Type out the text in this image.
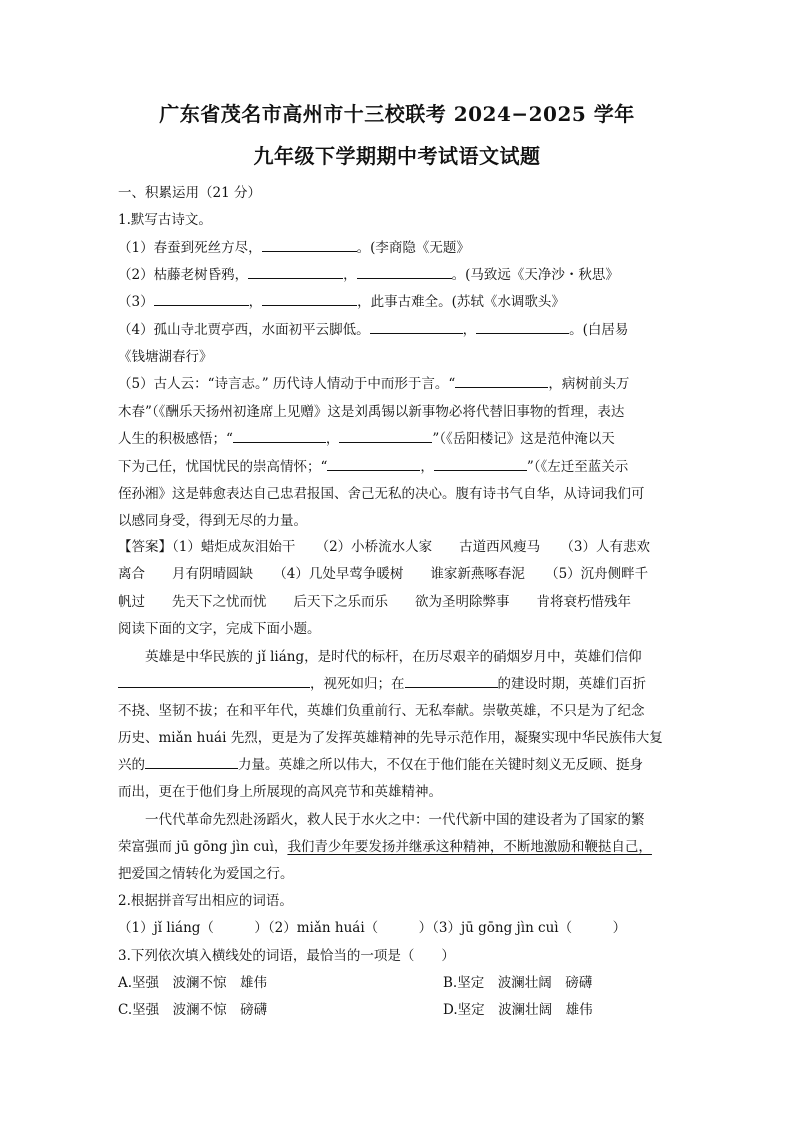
广东省茂名市高州市十三校联考 2024−2025 学年
九年级下学期期中考试语文试题
一、积累运用（21 分）
1.默写古诗文。
（1）春蚕到死丝方尽，	。(李商隐《无题》
（2）枯藤老树昏鸦，	，	。(马致远《天净沙・秋思》
（3）	，	，此事古难全。(苏轼《水调歌头》
（4）孤山寺北贾亭西，水面初平云脚低。	，	。(白居易
《钱塘湖春行》
（5）古人云：“诗言志。” 历代诗人情动于中而形于言。“	，病树前头万
木春”（《酬乐天扬州初逢席上见赠》这是刘禹锡以新事物必将代替旧事物的哲理，表达
人生的积极感悟；“	，	”（《岳阳楼记》这是范仲淹以天
下为己任，忧国忧民的崇高情怀；“	，	”（《左迁至蓝关示
侄孙湘》这是韩愈表达自己忠君报国、舍己无私的决心。腹有诗书气自华，从诗词我们可
以感同身受，得到无尽的力量。
【答案】（1）蜡炬成灰泪始干　　（2）小桥流水人家　　古道西风瘦马　　（3）人有悲欢
离合　　月有阴晴圆缺　　（4）几处早莺争暖树　　谁家新燕啄春泥　　（5）沉舟侧畔千
帆过　　先天下之忧而忧　　后天下之乐而乐　　欲为圣明除弊事　　肯将衰朽惜残年
阅读下面的文字，完成下面小题。
　　英雄是中华民族的 jǐ liáng，是时代的标杆，在历尽艰辛的硝烟岁月中，英雄们信仰
，视死如归；在	的建设时期，英雄们百折
不挠、坚韧不拔；在和平年代，英雄们负重前行、无私奉献。崇敬英雄，不只是为了纪念
历史、miǎn huái 先烈，更是为了发挥英雄精神的先导示范作用，凝聚实现中华民族伟大复
兴的	力量。英雄之所以伟大，不仅在于他们能在关键时刻义无反顾、挺身
而出，更在于他们身上所展现的高风亮节和英雄精神。
　　一代代革命先烈赴汤蹈火，救人民于水火之中：一代代新中国的建设者为了国家的繁
荣富强而 jū gōng jìn cuì，我们青少年要发扬并继承这种精神，不断地激励和鞭挞自己，
把爱国之情转化为爱国之行。
2.根据拼音写出相应的词语。
（1）jǐ liáng（　　　）（2）miǎn huái（　　　）（3）jū gōng jìn cuì（　　　）
3.下列依次填入横线处的词语，最恰当的一项是（　　）
A.坚强　波澜不惊　雄伟	B.坚定　波澜壮阔　磅礴
C.坚强　波澜不惊　磅礴	D.坚定　波澜壮阔　雄伟
